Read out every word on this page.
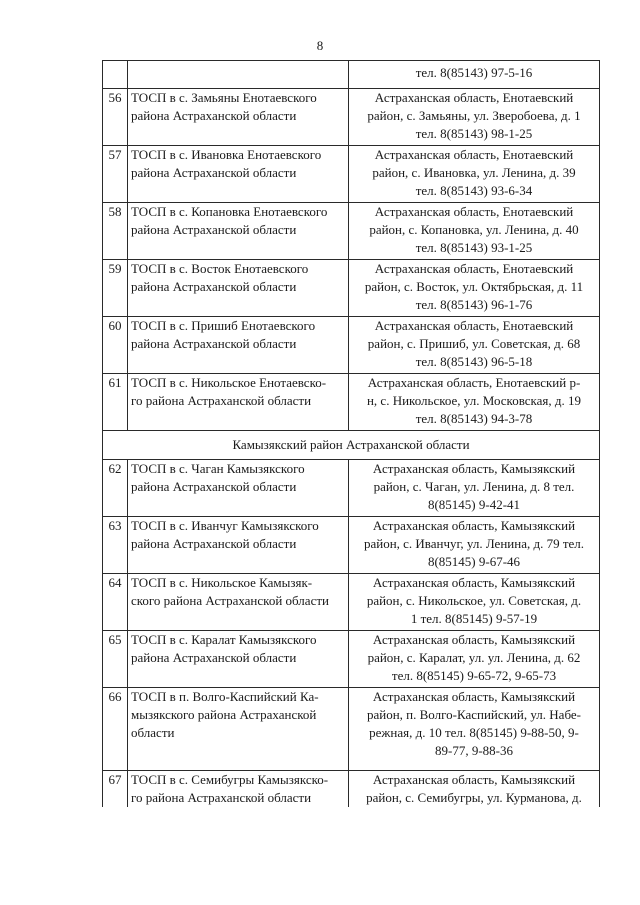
8

		тел. 8(85143) 97-5-16

56	ТОСП в с. Замьяны Енотаевского
района Астраханской области	Астраханская область, Енотаевский
район, с. Замьяны, ул. Зверобоева, д. 1
тел. 8(85143) 98-1-25

57	ТОСП в с. Ивановка Енотаевского
района Астраханской области	Астраханская область, Енотаевский
район, с. Ивановка, ул. Ленина, д. 39
тел. 8(85143) 93-6-34

58	ТОСП в с. Копановка Енотаевского
района Астраханской области	Астраханская область, Енотаевский
район, с. Копановка, ул. Ленина, д. 40
тел. 8(85143) 93-1-25

59	ТОСП в с. Восток Енотаевского
района Астраханской области	Астраханская область, Енотаевский
район, с. Восток, ул. Октябрьская, д. 11
тел. 8(85143) 96-1-76

60	ТОСП в с. Пришиб Енотаевского
района Астраханской области	Астраханская область, Енотаевский
район, с. Пришиб, ул. Советская, д. 68
тел. 8(85143) 96-5-18

61	ТОСП в с. Никольское Енотаевско-
го района Астраханской области	Астраханская область, Енотаевский р-
н, с. Никольское, ул. Московская, д. 19
тел. 8(85143) 94-3-78

Камызякский район Астраханской области		
62	ТОСП в с. Чаган Камызякского
района Астраханской области	Астраханская область, Камызякский
район, с. Чаган, ул. Ленина, д. 8 тел.
8(85145) 9-42-41

63	ТОСП в с. Иванчуг Камызякского
района Астраханской области	Астраханская область, Камызякский
район, с. Иванчуг, ул. Ленина, д. 79 тел.
8(85145) 9-67-46

64	ТОСП в с. Никольское Камызяк-
ского района Астраханской области	Астраханская область, Камызякский
район, с. Никольское, ул. Советская, д.
1 тел. 8(85145) 9-57-19

65	ТОСП в с. Каралат Камызякского
района Астраханской области	Астраханская область, Камызякский
район, с. Каралат, ул. ул. Ленина, д. 62
тел. 8(85145) 9-65-72, 9-65-73

66	ТОСП в п. Волго-Каспийский Ка-
мызякского района Астраханской
области	Астраханская область, Камызякский
район, п. Волго-Каспийский, ул. Набе-
режная, д. 10 тел. 8(85145) 9-88-50, 9-
89-77, 9-88-36

67	ТОСП в с. Семибугры Камызякско-
го района Астраханской области	Астраханская область, Камызякский
район, с. Семибугры, ул. Курманова, д.
